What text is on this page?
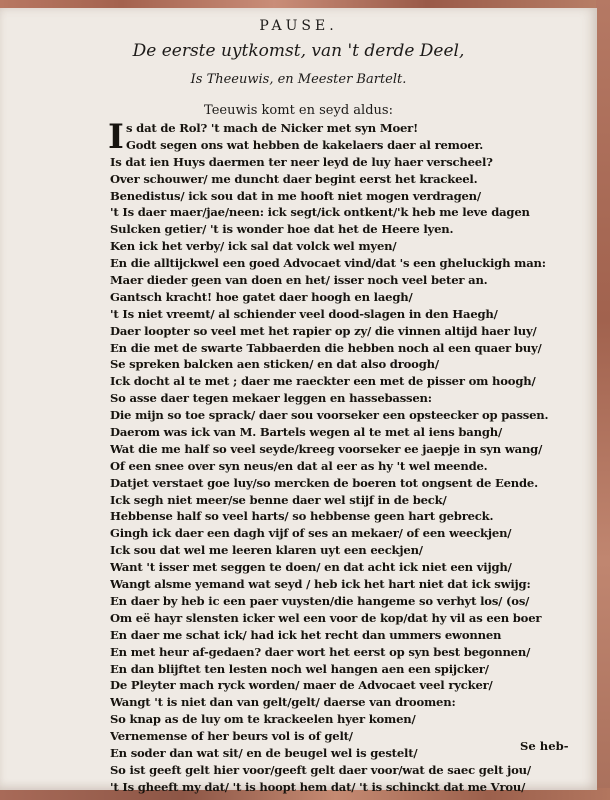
PAUSE.
De eerste uytkomst, van 't derde Deel,
Is Theeuwis, en Meester Bartelt.
Teeuwis komt en seyd aldus:
I s dat de Rol? 't mach de Nicker met syn Moer!
Godt segen ons wat hebben de kakelaers daer al remoer.
Is dat ien Huys daermen ter neer leyd de luy haer verscheel?
Over schouwer/ me duncht daer begint eerst het krackeel.
Benedistus/ ick sou dat in me hooft niet mogen verdragen/
't Is daer maer/jae/neen: ick segt/ick ontkent/'k heb me leve dagen
Sulcken getier/ 't is wonder hoe dat het de Heere lyen.
Ken ick het verby/ ick sal dat volck wel myen/
En die alltijckwel een goed Advocaet vind/dat 's een gheluckigh man:
Maer dieder geen van doen en het/ isser noch veel beter an.
Gantsch kracht! hoe gatet daer hoogh en laegh/
't Is niet vreemt/ al schiender veel dood-slagen in den Haegh/
Daer loopter so veel met het rapier op zy/ die vinnen altijd haer luy/
En die met de swarte Tabbaerden die hebben noch al een quaer buy/
Se spreken balcken aen sticken/ en dat also droogh/
Ick docht al te met ; daer me raeckter een met de pisser om hoogh/
So asse daer tegen mekaer leggen en hassebassen:
Die mijn so toe sprack/ daer sou voorseker een opsteecker op passen.
Daerom was ick van M. Bartels wegen al te met al iens bangh/
Wat die me half so veel seyde/kreeg voorseker ee jaepje in syn wang/
Of een snee over syn neus/en dat al eer as hy 't wel meende.
Datjet verstaet goe luy/so mercken de boeren tot ongsent de Eende.
Ick segh niet meer/se benne daer wel stijf in de beck/
Hebbense half so veel harts/ so hebbense geen hart gebreck.
Gingh ick daer een dagh vijf of ses an mekaer/ of een weeckjen/
Ick sou dat wel me leeren klaren uyt een eeckjen/
Want 't isser met seggen te doen/ en dat acht ick niet een vijgh/
Wangt alsme yemand wat seyd / heb ick het hart niet dat ick swijg:
En daer by heb ic een paer vuysten/die hangeme so verhyt los/ (os/
Om eë hayr slensten icker wel een voor de kop/dat hy vil as een boer
En daer me schat ick/ had ick het recht dan ummers ewonnen
En met heur af-gedaen? daer wort het eerst op syn best begonnen/
En dan blijftet ten lesten noch wel hangen aen een spijcker/
De Pleyter mach ryck worden/ maer de Advocaet veel rycker/
Wangt 't is niet dan van gelt/gelt/ daerse van droomen:
So knap as de luy om te krackeelen hyer komen/
Vernemense of her beurs vol is of gelt/
En soder dan wat sit/ en de beugel wel is gestelt/
So ist geeft gelt hier voor/geeft gelt daer voor/wat de saec gelt jou/
't Is gheeft my dat/ 't is hoopt hem dat/ 't is schinckt dat me Vrou/
Se heb-
